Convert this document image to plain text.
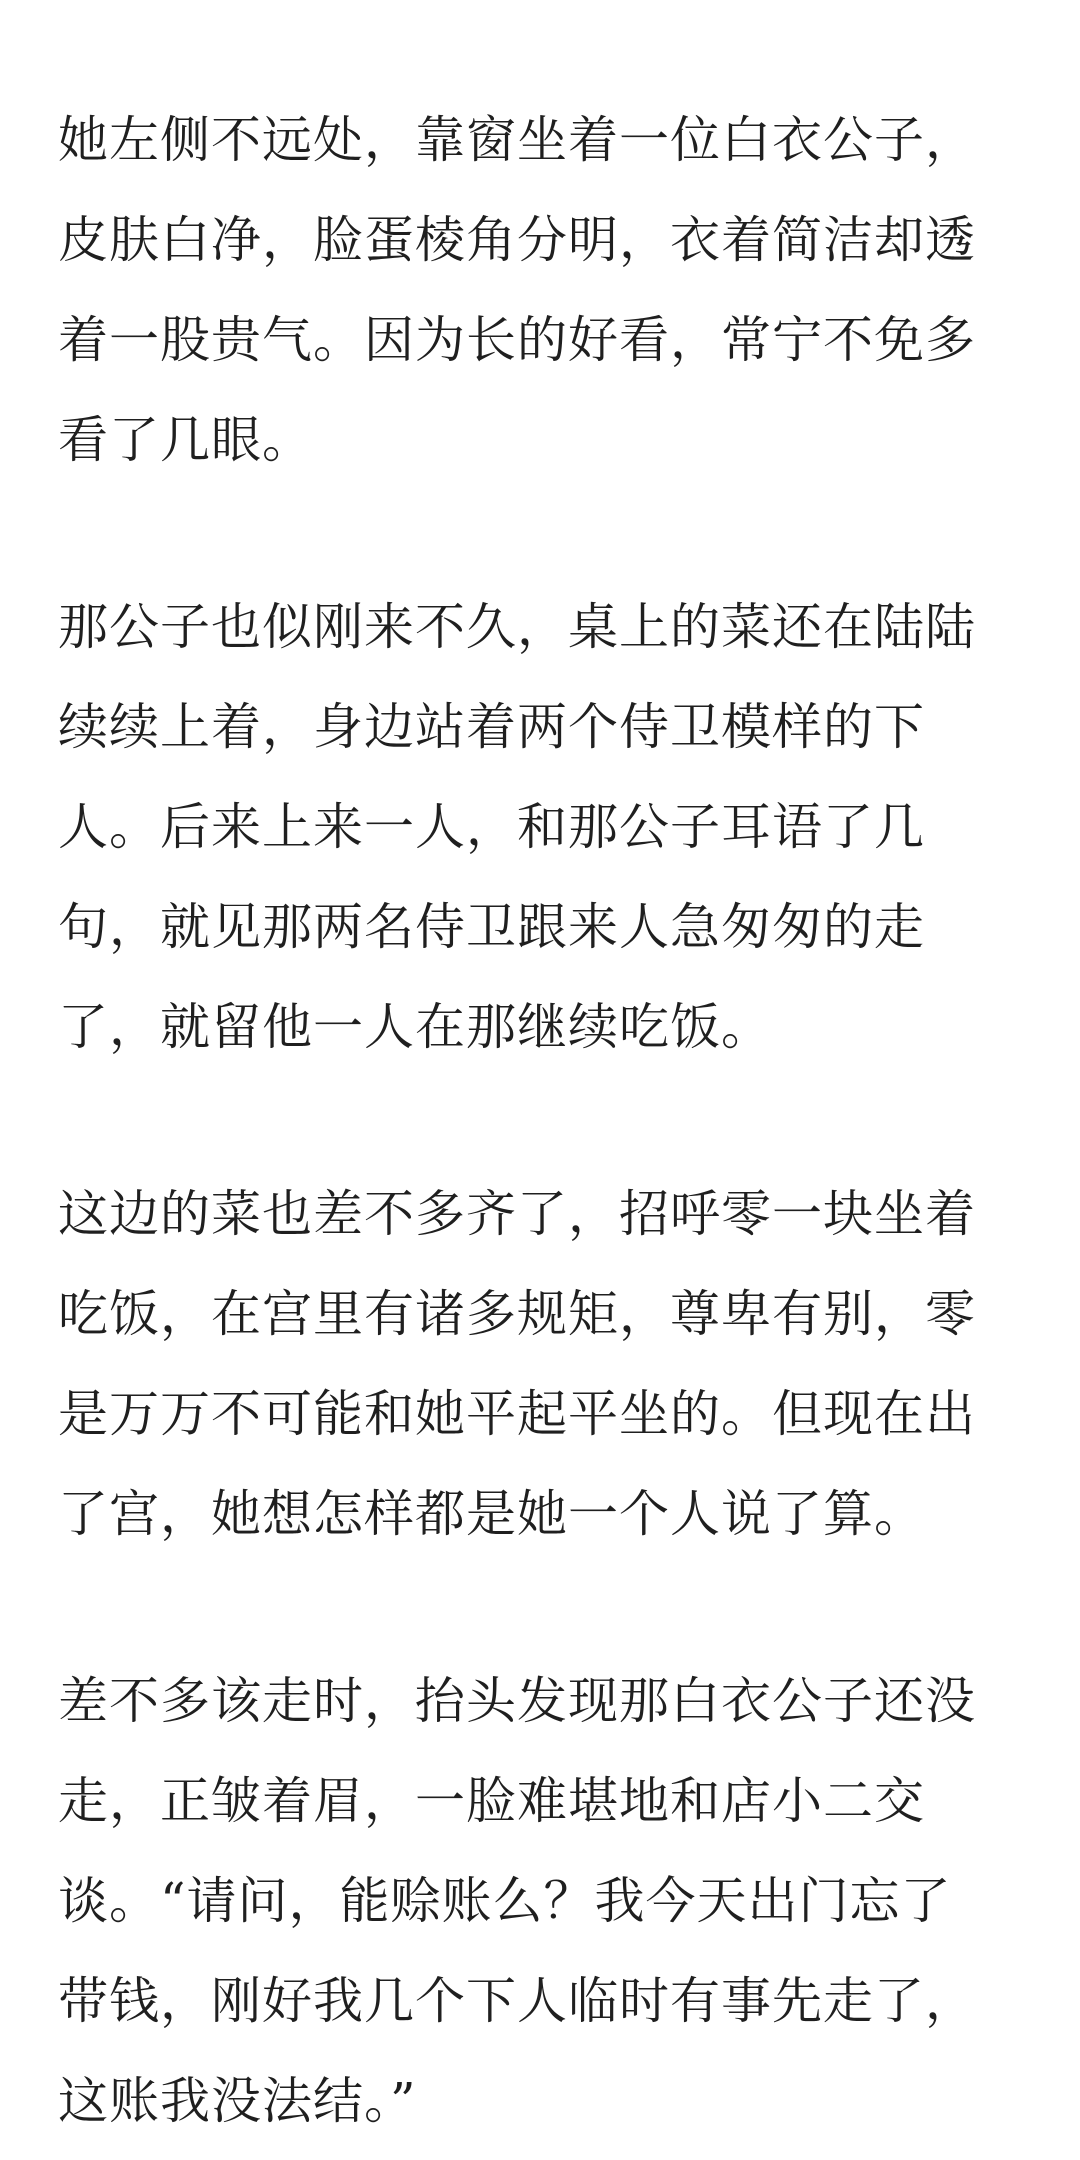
她左侧不远处，靠窗坐着一位白衣公子，
皮肤白净，脸蛋棱角分明，衣着简洁却透
着一股贵气。因为长的好看，常宁不免多
看了几眼。
那公子也似刚来不久，桌上的菜还在陆陆
续续上着，身边站着两个侍卫模样的下
人。后来上来一人，和那公子耳语了几
句，就见那两名侍卫跟来人急匆匆的走
了，就留他一人在那继续吃饭。
这边的菜也差不多齐了，招呼零一块坐着
吃饭，在宫里有诸多规矩，尊卑有别，零
是万万不可能和她平起平坐的。但现在出
了宫，她想怎样都是她一个人说了算。
差不多该走时，抬头发现那白衣公子还没
走，正皱着眉，一脸难堪地和店小二交
谈。“请问，能赊账么？我今天出门忘了
带钱，刚好我几个下人临时有事先走了，
这账我没法结。”
